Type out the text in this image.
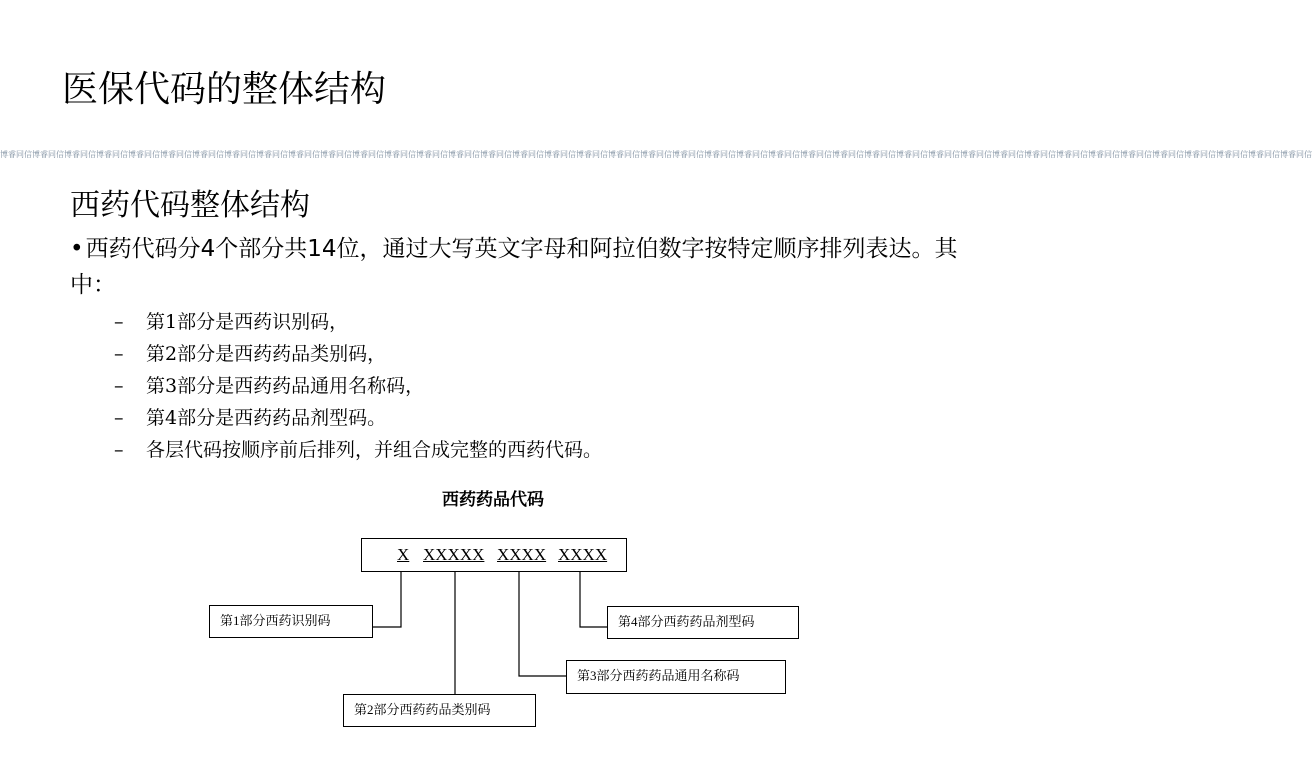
医保代码的整体结构
博睿同信博睿同信博睿同信博睿同信博睿同信博睿同信博睿同信博睿同信博睿同信博睿同信博睿同信博睿同信博睿同信博睿同信博睿同信博睿同信博睿同信博睿同信博睿同信博睿同信博睿同信博睿同信博睿同信博睿同信博睿同信博睿同信博睿同信博睿同信博睿同信博睿同信博睿同信博睿同信博睿同信博睿同信博睿同信博睿同信博睿同信博睿同信博睿同信博睿同信博睿同信
西药代码整体结构
•西药代码分4个部分共14位，通过大写英文字母和阿拉伯数字按特定顺序排列表达。其中：
–	第1部分是西药识别码，
–	第2部分是西药药品类别码，
–	第3部分是西药药品通用名称码，
–	第4部分是西药药品剂型码。
–	各层代码按顺序前后排列，并组合成完整的西药代码。
西药药品代码
X XXXXX XXXX XXXX
第1部分西药识别码	第4部分西药药品剂型码
第3部分西药药品通用名称码
第2部分西药药品类别码
